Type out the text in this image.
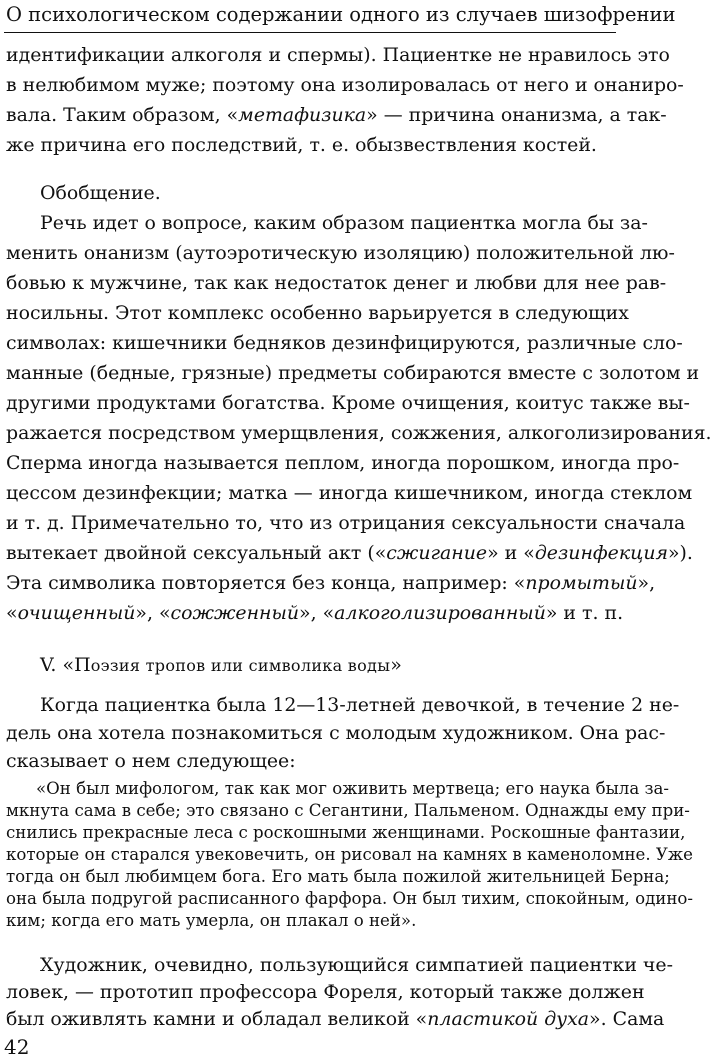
О психологическом содержании одного из случаев шизофрении
идентификации алкоголя и спермы). Пациентке не нравилось это
в нелюбимом муже; поэтому она изолировалась от него и онаниро-
вала. Таким образом, «метафизика» — причина онанизма, а так-
же причина его последствий, т. е. обызвествления костей.
Обобщение.
Речь идет о вопросе, каким образом пациентка могла бы за-
менить онанизм (аутоэротическую изоляцию) положительной лю-
бовью к мужчине, так как недостаток денег и любви для нее рав-
носильны. Этот комплекс особенно варьируется в следующих
символах: кишечники бедняков дезинфицируются, различные сло-
манные (бедные, грязные) предметы собираются вместе с золотом и
другими продуктами богатства. Кроме очищения, коитус также вы-
ражается посредством умерщвления, сожжения, алкоголизирования.
Сперма иногда называется пеплом, иногда порошком, иногда про-
цессом дезинфекции; матка — иногда кишечником, иногда стеклом
и т. д. Примечательно то, что из отрицания сексуальности сначала
вытекает двойной сексуальный акт («сжигание» и «дезинфекция»).
Эта символика повторяется без конца, например: «промытый»,
«очищенный», «сожженный», «алкоголизированный» и т. п.
V. «Поэзия тропов или символика воды»
Когда пациентка была 12—13-летней девочкой, в течение 2 не-
дель она хотела познакомиться с молодым художником. Она рас-
сказывает о нем следующее:
«Он был мифологом, так как мог оживить мертвеца; его наука была за-
мкнута сама в себе; это связано с Сегантини, Пальменом. Однажды ему при-
снились прекрасные леса с роскошными женщинами. Роскошные фантазии,
которые он старался увековечить, он рисовал на камнях в каменоломне. Уже
тогда он был любимцем бога. Его мать была пожилой жительницей Берна;
она была подругой расписанного фарфора. Он был тихим, спокойным, одино-
ким; когда его мать умерла, он плакал о ней».
Художник, очевидно, пользующийся симпатией пациентки че-
42
ловек, — прототип профессора Фореля, который также должен
был оживлять камни и обладал великой «пластикой духа». Сама
